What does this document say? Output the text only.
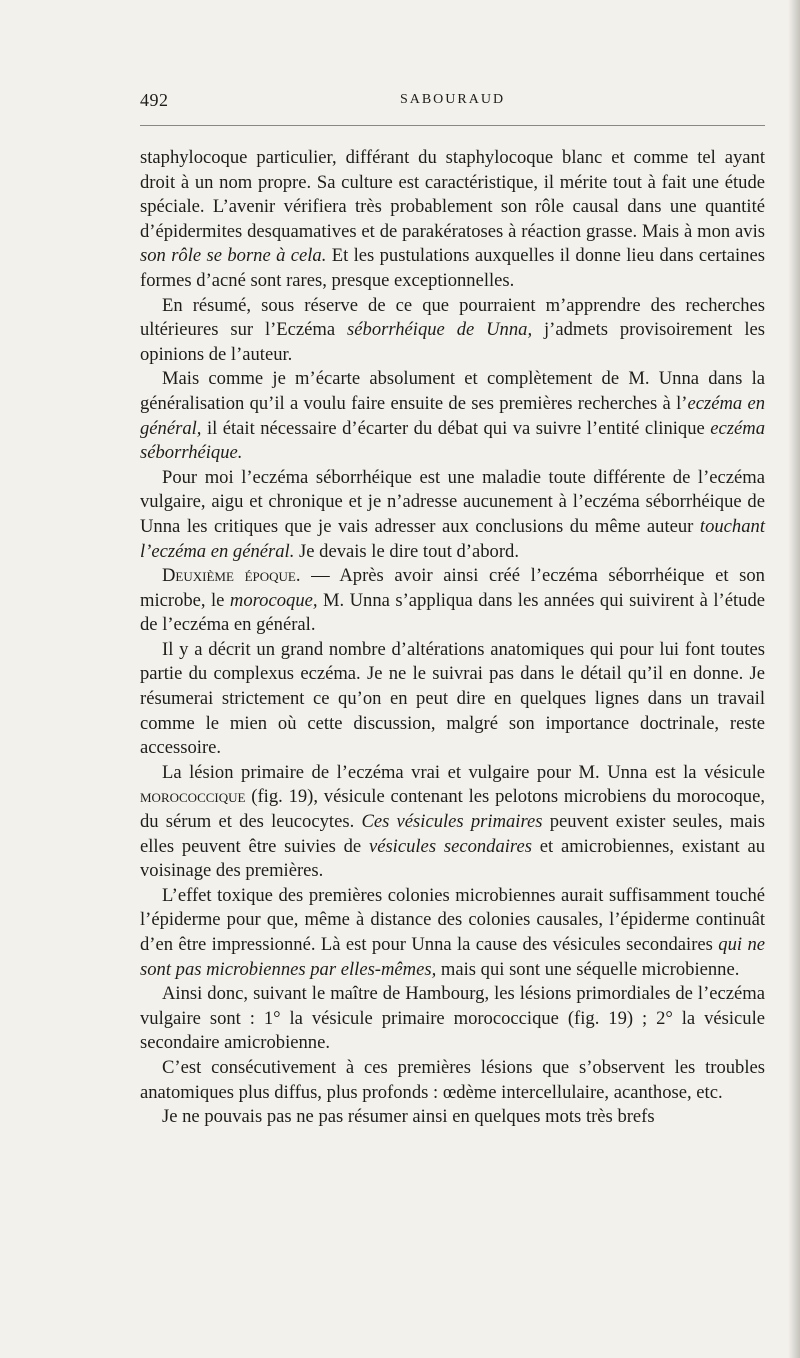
492	SABOURAUD

staphylocoque particulier, différant du staphylocoque blanc et comme tel ayant droit à un nom propre. Sa culture est caractéristique, il mérite tout à fait une étude spéciale. L’avenir vérifiera très probablement son rôle causal dans une quantité d’épidermites desquamatives et de parakératoses à réaction grasse. Mais à mon avis son rôle se borne à cela. Et les pustulations auxquelles il donne lieu dans certaines formes d’acné sont rares, presque exceptionnelles.

En résumé, sous réserve de ce que pourraient m’apprendre des recherches ultérieures sur l’Eczéma séborrhéique de Unna, j’admets provisoirement les opinions de l’auteur.

Mais comme je m’écarte absolument et complètement de M. Unna dans la généralisation qu’il a voulu faire ensuite de ses premières recherches à l’eczéma en général, il était nécessaire d’écarter du débat qui va suivre l’entité clinique eczéma séborrhéique.

Pour moi l’eczéma séborrhéique est une maladie toute différente de l’eczéma vulgaire, aigu et chronique et je n’adresse aucunement à l’eczéma séborrhéique de Unna les critiques que je vais adresser aux conclusions du même auteur touchant l’eczéma en général. Je devais le dire tout d’abord.

Deuxième époque. — Après avoir ainsi créé l’eczéma séborrhéique et son microbe, le morocoque, M. Unna s’appliqua dans les années qui suivirent à l’étude de l’eczéma en général.

Il y a décrit un grand nombre d’altérations anatomiques qui pour lui font toutes partie du complexus eczéma. Je ne le suivrai pas dans le détail qu’il en donne. Je résumerai strictement ce qu’on en peut dire en quelques lignes dans un travail comme le mien où cette discussion, malgré son importance doctrinale, reste accessoire.

La lésion primaire de l’eczéma vrai et vulgaire pour M. Unna est la vésicule morococcique (fig. 19), vésicule contenant les pelotons microbiens du morocoque, du sérum et des leucocytes. Ces vésicules primaires peuvent exister seules, mais elles peuvent être suivies de vésicules secondaires et amicrobiennes, existant au voisinage des premières.

L’effet toxique des premières colonies microbiennes aurait suffisamment touché l’épiderme pour que, même à distance des colonies causales, l’épiderme continuât d’en être impressionné. Là est pour Unna la cause des vésicules secondaires qui ne sont pas microbiennes par elles-mêmes, mais qui sont une séquelle microbienne.

Ainsi donc, suivant le maître de Hambourg, les lésions primordiales de l’eczéma vulgaire sont : 1° la vésicule primaire morococcique (fig. 19) ; 2° la vésicule secondaire amicrobienne.

C’est consécutivement à ces premières lésions que s’observent les troubles anatomiques plus diffus, plus profonds : œdème intercellulaire, acanthose, etc.

Je ne pouvais pas ne pas résumer ainsi en quelques mots très brefs
